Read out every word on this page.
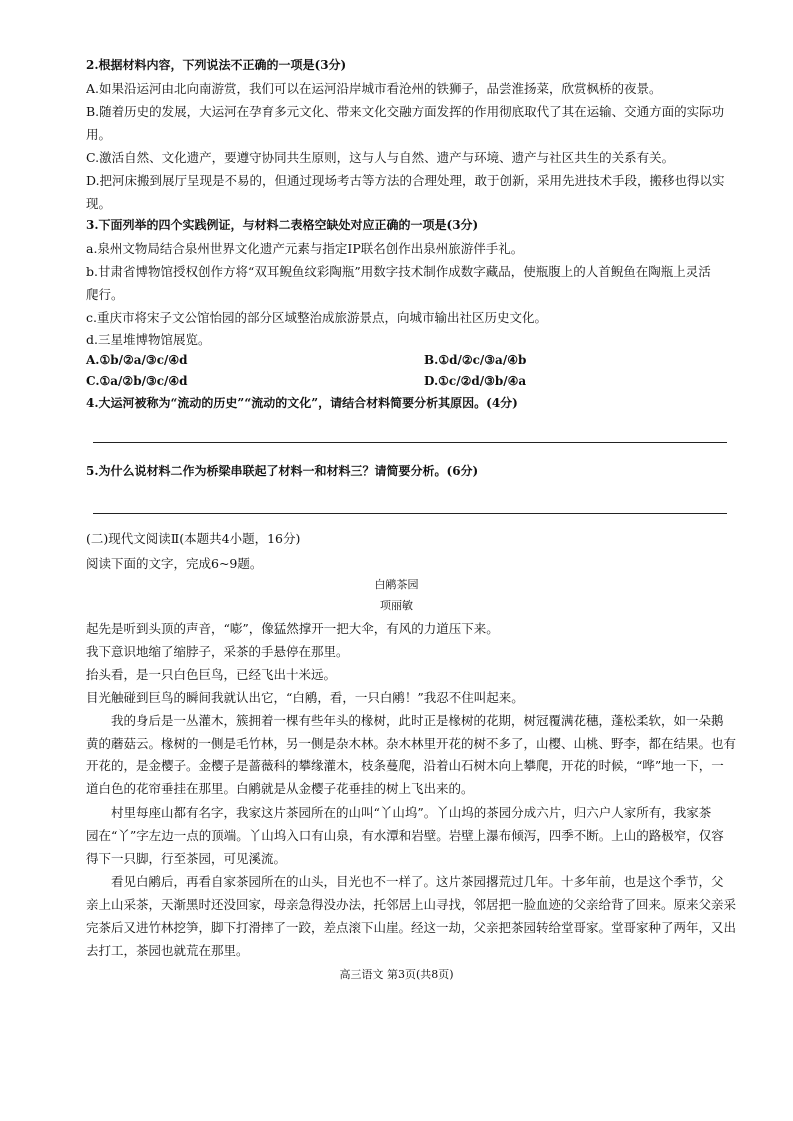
2.根据材料内容，下列说法不正确的一项是(3分)
A.如果沿运河由北向南游赏，我们可以在运河沿岸城市看沧州的铁狮子，品尝淮扬菜，欣赏枫桥的夜景。
B.随着历史的发展，大运河在孕育多元文化、带来文化交融方面发挥的作用彻底取代了其在运输、交通方面的实际功
用。
C.激活自然、文化遗产，要遵守协同共生原则，这与人与自然、遗产与环境、遗产与社区共生的关系有关。
D.把河床搬到展厅呈现是不易的，但通过现场考古等方法的合理处理，敢于创新，采用先进技术手段，搬移也得以实
现。
3.下面列举的四个实践例证，与材料二表格空缺处对应正确的一项是(3分)
a.泉州文物局结合泉州世界文化遗产元素与指定IP联名创作出泉州旅游伴手礼。
b.甘肃省博物馆授权创作方将“双耳鲵鱼纹彩陶瓶”用数字技术制作成数字藏品，使瓶腹上的人首鲵鱼在陶瓶上灵活
爬行。
c.重庆市将宋子文公馆怡园的部分区域整治成旅游景点，向城市输出社区历史文化。
d.三星堆博物馆展览。
A.①b/②a/③c/④d	B.①d/②c/③a/④b
C.①a/②b/③c/④d	D.①c/②d/③b/④a
4.大运河被称为“流动的历史”“流动的文化”，请结合材料简要分析其原因。(4分)
5.为什么说材料二作为桥梁串联起了材料一和材料三？请简要分析。(6分)
(二)现代文阅读Ⅱ(本题共4小题，16分)
阅读下面的文字，完成6~9题。
白鹇茶园
项丽敏
起先是听到头顶的声音，“嘭”，像猛然撑开一把大伞，有风的力道压下来。
我下意识地缩了缩脖子，采茶的手悬停在那里。
抬头看，是一只白色巨鸟，已经飞出十米远。
目光触碰到巨鸟的瞬间我就认出它，“白鹇，看，一只白鹇！”我忍不住叫起来。
　　我的身后是一丛灌木，簇拥着一棵有些年头的椽树，此时正是椽树的花期，树冠覆满花穗，蓬松柔软，如一朵鹅
黄的蘑菇云。椽树的一侧是毛竹林，另一侧是杂木林。杂木林里开花的树不多了，山樱、山桃、野李，都在结果。也有
开花的，是金樱子。金樱子是蔷薇科的攀缘灌木，枝条蔓爬，沿着山石树木向上攀爬，开花的时候，“哗”地一下，一
道白色的花帘垂挂在那里。白鹇就是从金樱子花垂挂的树上飞出来的。
　　村里每座山都有名字，我家这片茶园所在的山叫“丫山坞”。丫山坞的茶园分成六片，归六户人家所有，我家茶
园在“丫”字左边一点的顶端。丫山坞入口有山泉，有水潭和岩壁。岩壁上瀑布倾泻，四季不断。上山的路极窄，仅容
得下一只脚，行至茶园，可见溪流。
　　看见白鹇后，再看自家茶园所在的山头，目光也不一样了。这片茶园撂荒过几年。十多年前，也是这个季节，父
亲上山采茶，天渐黑时还没回家，母亲急得没办法，托邻居上山寻找，邻居把一脸血迹的父亲给背了回来。原来父亲采
完茶后又进竹林挖笋，脚下打滑摔了一跤，差点滚下山崖。经这一劫，父亲把茶园转给堂哥家。堂哥家种了两年，又出
去打工，茶园也就荒在那里。
高三语文 第3页(共8页)
